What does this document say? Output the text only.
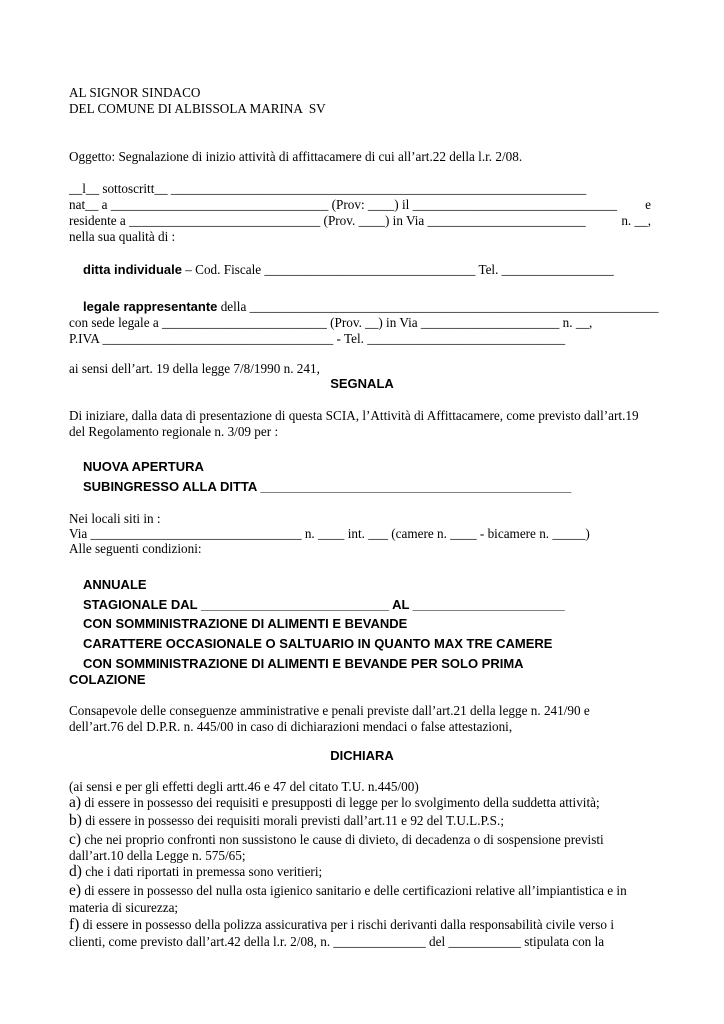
AL SIGNOR SINDACO
DEL COMUNE DI ALBISSOLA MARINA  SV
Oggetto: Segnalazione di inizio attività di affittacamere di cui all’art.22 della l.r. 2/08.
__l__ sottoscritt__ _______________________________________________________________
nat__ a _________________________________ (Prov: ____) il _______________________________ e
residente a _____________________________ (Prov. ____) in Via ________________________	n. __,
nella sua qualità di :
ditta individuale – Cod. Fiscale ________________________________ Tel. _________________
legale rappresentante della ______________________________________________________________
con sede legale a _________________________ (Prov. __) in Via _____________________ n. __,
P.IVA ___________________________________ - Tel. ______________________________
ai sensi dell’art. 19 della legge 7/8/1990 n. 241,
SEGNALA
Di iniziare, dalla data di presentazione di questa SCIA, l’Attività di Affittacamere, come previsto dall’art.19
del Regolamento regionale n. 3/09 per :
NUOVA APERTURA
SUBINGRESSO ALLA DITTA ___________________________________________
Nei locali siti in :
Via ________________________________ n. ____ int. ___ (camere n. ____ - bicamere n. _____)
Alle seguenti condizioni:
ANNUALE
STAGIONALE DAL __________________________ AL _____________________
CON SOMMINISTRAZIONE DI ALIMENTI E BEVANDE
CARATTERE OCCASIONALE O SALTUARIO IN QUANTO MAX TRE CAMERE
CON SOMMINISTRAZIONE DI ALIMENTI E BEVANDE PER SOLO PRIMA
COLAZIONE
Consapevole delle conseguenze amministrative e penali previste dall’art.21 della legge n. 241/90 e
dell’art.76 del D.P.R. n. 445/00 in caso di dichiarazioni mendaci o false attestazioni,
DICHIARA
(ai sensi e per gli effetti degli artt.46 e 47 del citato T.U. n.445/00)
a) di essere in possesso dei requisiti e presupposti di legge per lo svolgimento della suddetta attività;
b) di essere in possesso dei requisiti morali previsti dall’art.11 e 92 del T.U.L.P.S.;
c) che nei proprio confronti non sussistono le cause di divieto, di decadenza o di sospensione previsti
dall’art.10 della Legge n. 575/65;
d) che i dati riportati in premessa sono veritieri;
e) di essere in possesso del nulla osta igienico sanitario e delle certificazioni relative all’impiantistica e in
materia di sicurezza;
f) di essere in possesso della polizza assicurativa per i rischi derivanti dalla responsabilità civile verso i
clienti, come previsto dall’art.42 della l.r. 2/08, n. ______________ del ___________ stipulata con la
